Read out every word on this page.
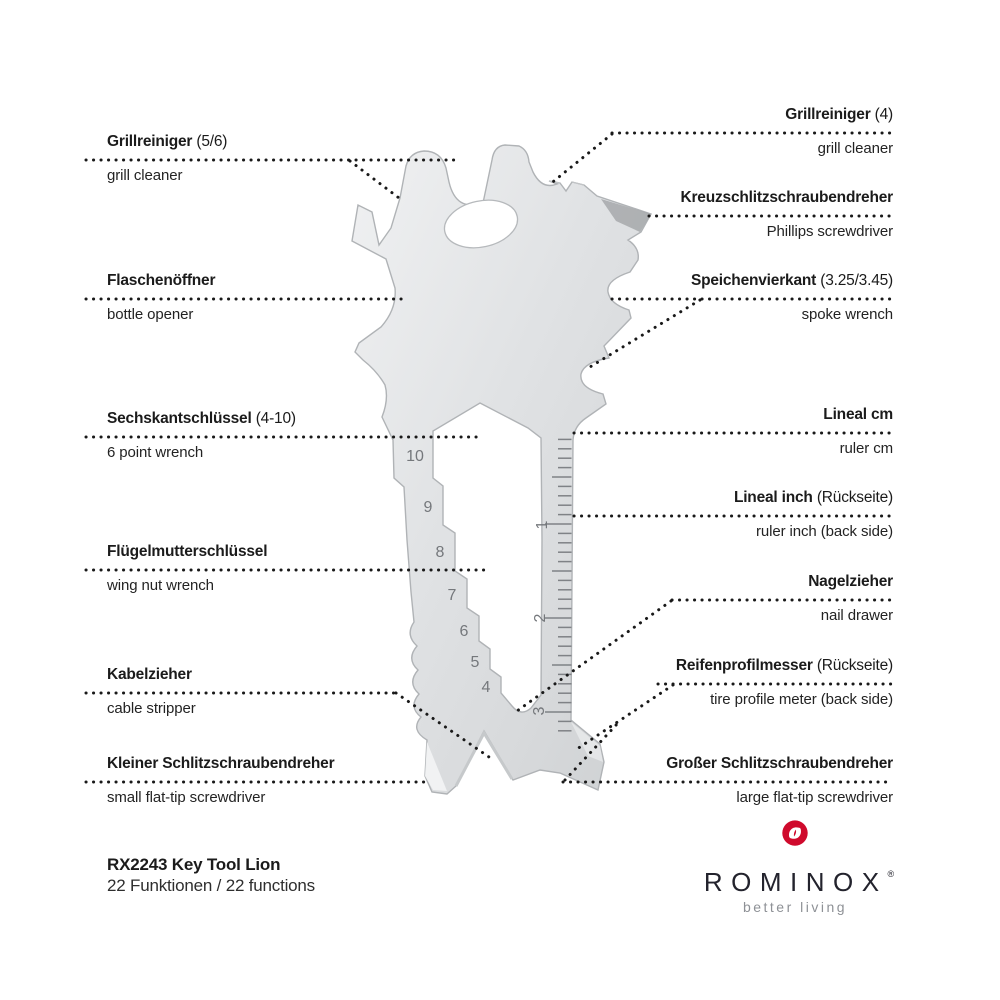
10
9
8
7
6
5
4
1
2
3
Grillreiniger (5/6)
grill cleaner
Flaschenöffner
bottle opener
Sechskantschlüssel (4-10)
6 point wrench
Flügelmutterschlüssel
wing nut wrench
Kabelzieher
cable stripper
Kleiner Schlitzschraubendreher
small flat-tip screwdriver
Grillreiniger (4)
grill cleaner
Kreuzschlitzschraubendreher
Phillips screwdriver
Speichenvierkant (3.25/3.45)
spoke wrench
Lineal cm
ruler cm
Lineal inch (Rückseite)
ruler inch (back side)
Nagelzieher
nail drawer
Reifenprofilmesser (Rückseite)
tire profile meter (back side)
Großer Schlitzschraubendreher
large flat-tip screwdriver
RX2243 Key Tool Lion
22 Funktionen / 22 functions	ROMINOX®
better living
